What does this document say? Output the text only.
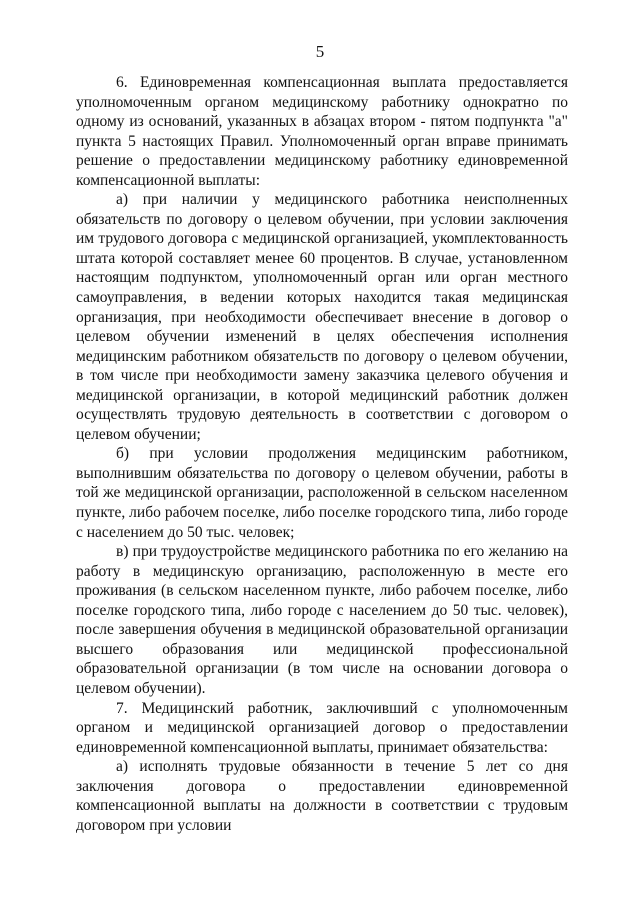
5

6. Единовременная компенсационная выплата предоставляется уполномоченным органом медицинскому работнику однократно по одному из оснований, указанных в абзацах втором - пятом подпункта "а" пункта 5 настоящих Правил. Уполномоченный орган вправе принимать решение о предоставлении медицинскому работнику единовременной компенсационной выплаты:

а) при наличии у медицинского работника неисполненных обязательств по договору о целевом обучении, при условии заключения им трудового договора с медицинской организацией, укомплектованность штата которой составляет менее 60 процентов. В случае, установленном настоящим подпунктом, уполномоченный орган или орган местного самоуправления, в ведении которых находится такая медицинская организация, при необходимости обеспечивает внесение в договор о целевом обучении изменений в целях обеспечения исполнения медицинским работником обязательств по договору о целевом обучении, в том числе при необходимости замену заказчика целевого обучения и медицинской организации, в которой медицинский работник должен осуществлять трудовую деятельность в соответствии с договором о целевом обучении;

б) при условии продолжения медицинским работником, выполнившим обязательства по договору о целевом обучении, работы в той же медицинской организации, расположенной в сельском населенном пункте, либо рабочем поселке, либо поселке городского типа, либо городе с населением до 50 тыс. человек;

в) при трудоустройстве медицинского работника по его желанию на работу в медицинскую организацию, расположенную в месте его проживания (в сельском населенном пункте, либо рабочем поселке, либо поселке городского типа, либо городе с населением до 50 тыс. человек), после завершения обучения в медицинской образовательной организации высшего образования или медицинской профессиональной образовательной организации (в том числе на основании договора о целевом обучении).

7. Медицинский работник, заключивший с уполномоченным органом и медицинской организацией договор о предоставлении единовременной компенсационной выплаты, принимает обязательства:

а) исполнять трудовые обязанности в течение 5 лет со дня заключения договора о предоставлении единовременной компенсационной выплаты на должности в соответствии с трудовым договором при условии
